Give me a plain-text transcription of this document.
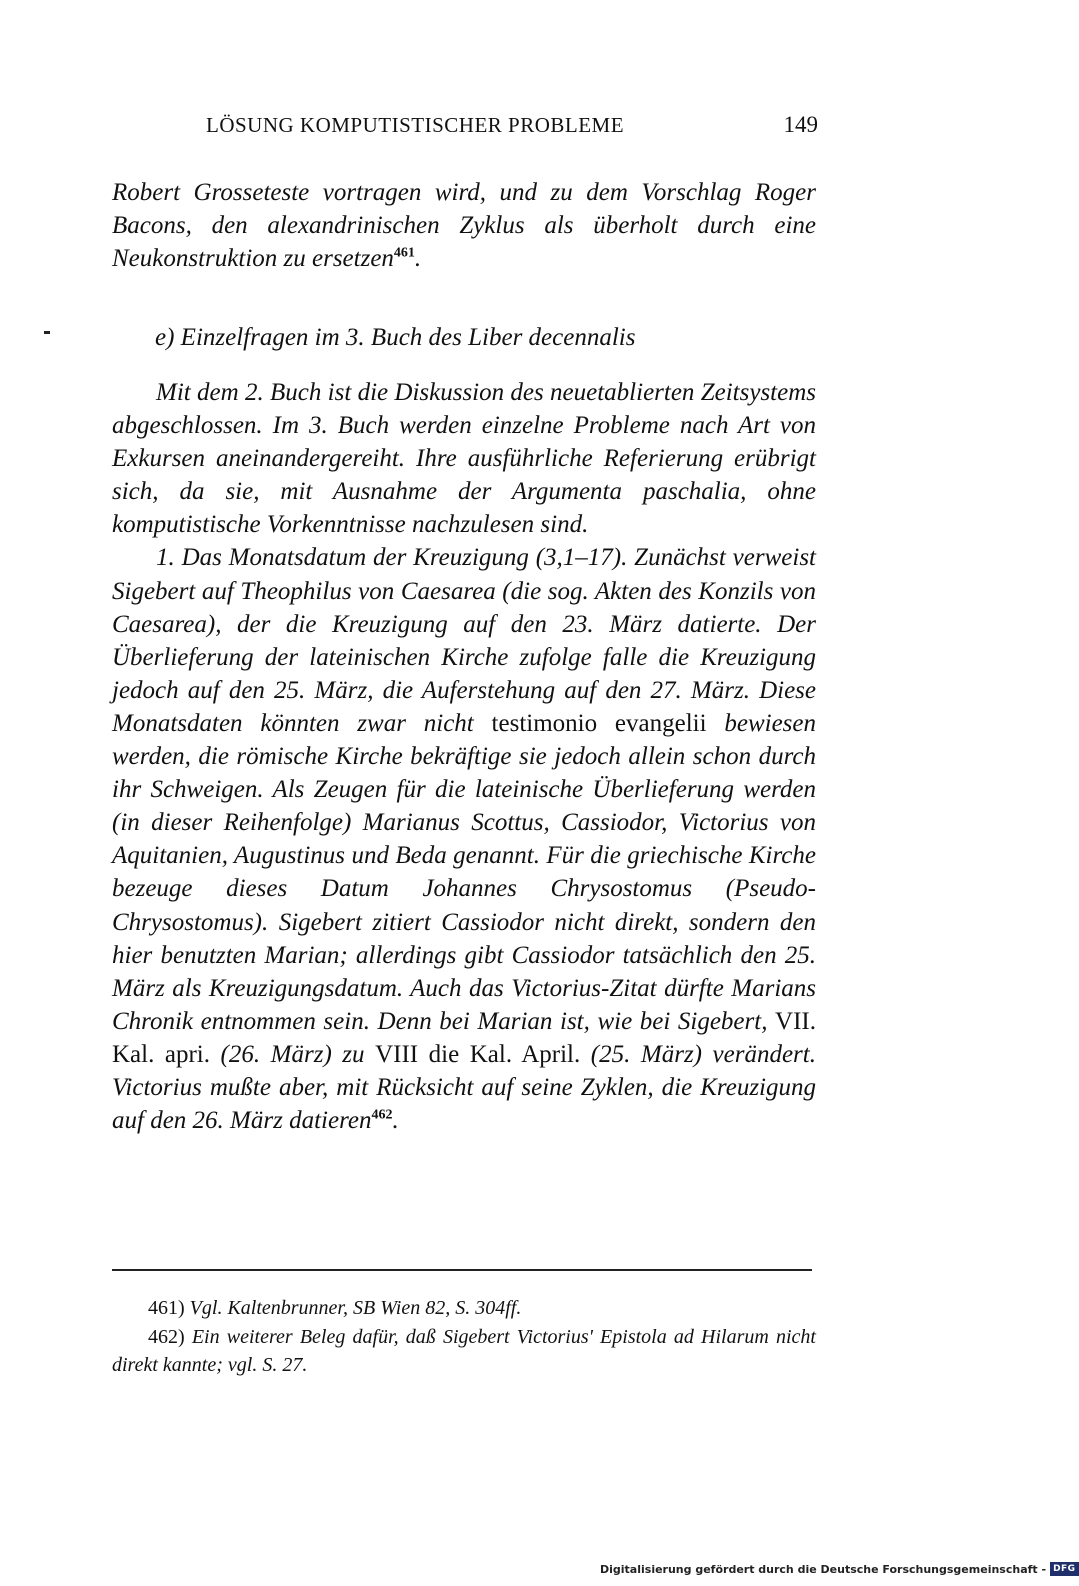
LÖSUNG KOMPUTISTISCHER PROBLEME	149

Robert Grosseteste vortragen wird, und zu dem Vorschlag Roger Bacons, den alexandrinischen Zyklus als überholt durch eine Neukonstruktion zu ersetzen$^{461}$.

e) Einzelfragen im 3. Buch des Liber decennalis

Mit dem 2. Buch ist die Diskussion des neuetablierten Zeitsystems abgeschlossen. Im 3. Buch werden einzelne Probleme nach Art von Exkursen aneinandergereiht. Ihre ausführliche Referierung erübrigt sich, da sie, mit Ausnahme der Argumenta paschalia, ohne komputistische Vorkenntnisse nachzulesen sind.

1. Das Monatsdatum der Kreuzigung (3,1–17). Zunächst verweist Sigebert auf Theophilus von Caesarea (die sog. Akten des Konzils von Caesarea), der die Kreuzigung auf den 23. März datierte. Der Überlieferung der lateinischen Kirche zufolge falle die Kreuzigung jedoch auf den 25. März, die Auferstehung auf den 27. März. Diese Monatsdaten könnten zwar nicht testimonio evangelii bewiesen werden, die römische Kirche bekräftige sie jedoch allein schon durch ihr Schweigen. Als Zeugen für die lateinische Überlieferung werden (in dieser Reihenfolge) Marianus Scottus, Cassiodor, Victorius von Aquitanien, Augustinus und Beda genannt. Für die griechische Kirche bezeuge dieses Datum Johannes Chrysostomus (Pseudo-Chrysostomus). Sigebert zitiert Cassiodor nicht direkt, sondern den hier benutzten Marian; allerdings gibt Cassiodor tatsächlich den 25. März als Kreuzigungsdatum. Auch das Victorius-Zitat dürfte Marians Chronik entnommen sein. Denn bei Marian ist, wie bei Sigebert, VII. Kal. apri. (26. März) zu VIII die Kal. April. (25. März) verändert. Victorius mußte aber, mit Rücksicht auf seine Zyklen, die Kreuzigung auf den 26. März datieren$^{462}$.

461) Vgl. Kaltenbrunner, SB Wien 82, S. 304ff.

462) Ein weiterer Beleg dafür, daß Sigebert Victorius' Epistola ad Hilarum nicht direkt kannte; vgl. S. 27.

Digitalisierung gefördert durch die Deutsche Forschungsgemeinschaft - DFG
